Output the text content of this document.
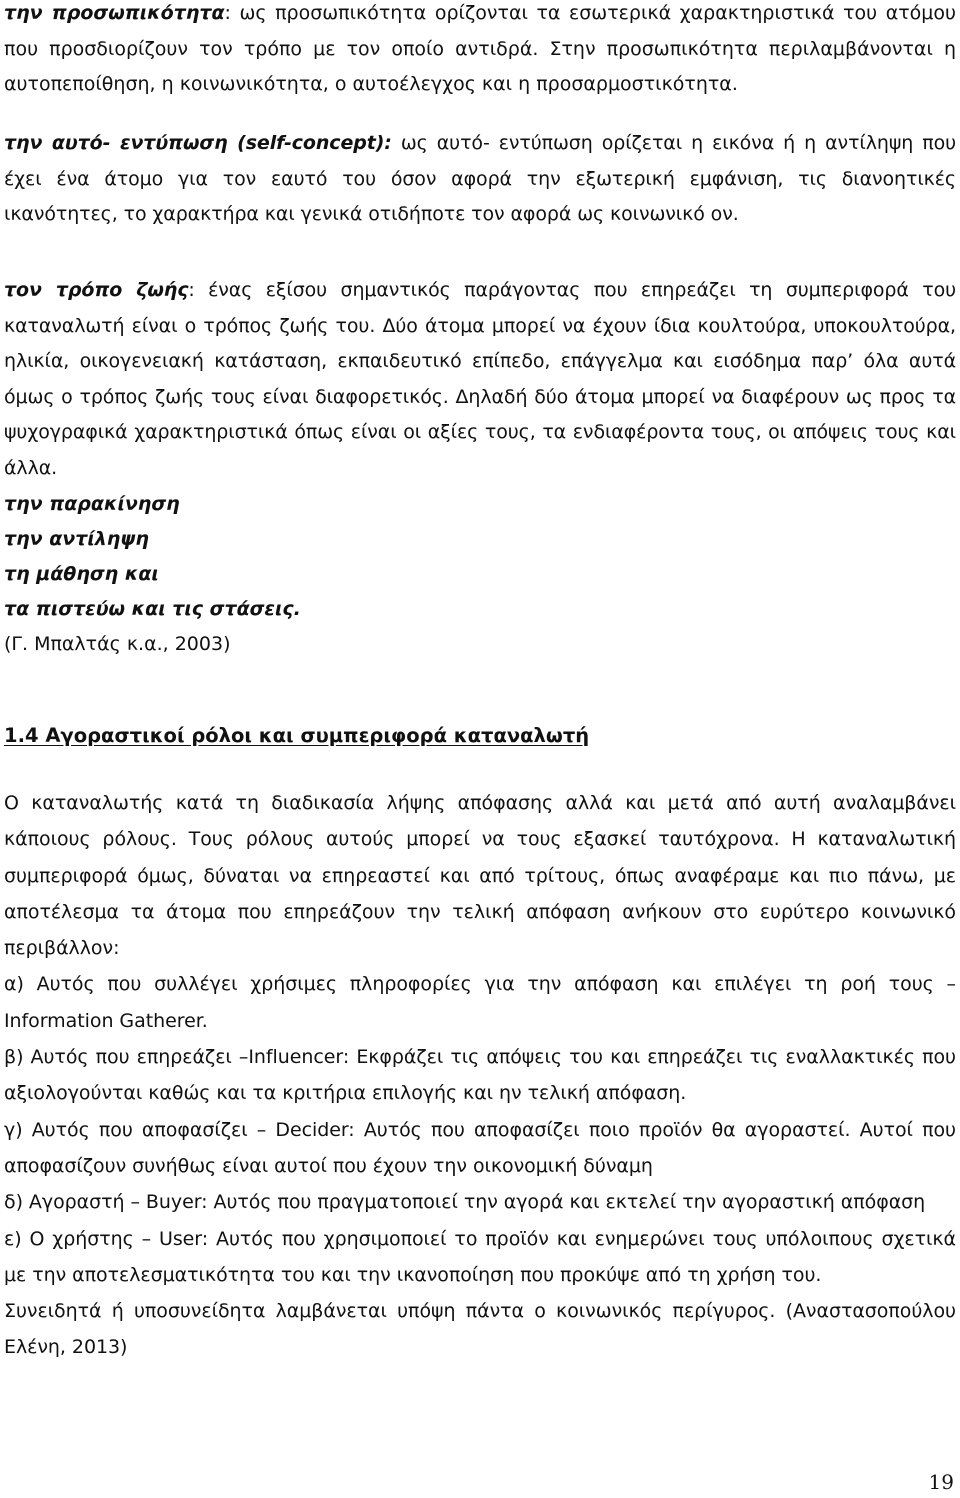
την προσωπικότητα: ως προσωπικότητα ορίζονται τα εσωτερικά χαρακτηριστικά του ατόμου που προσδιορίζουν τον τρόπο με τον οποίο αντιδρά. Στην προσωπικότητα περιλαμβάνονται η αυτοπεποίθηση, η κοινωνικότητα, ο αυτοέλεγχος και η προσαρμοστικότητα.

την αυτό- εντύπωση (self-concept): ως αυτό- εντύπωση ορίζεται η εικόνα ή η αντίληψη που έχει ένα άτομο για τον εαυτό του όσον αφορά την εξωτερική εμφάνιση, τις διανοητικές ικανότητες, το χαρακτήρα και γενικά οτιδήποτε τον αφορά ως κοινωνικό ον.

τον τρόπο ζωής: ένας εξίσου σημαντικός παράγοντας που επηρεάζει τη συμπεριφορά του καταναλωτή είναι ο τρόπος ζωής του. Δύο άτομα μπορεί να έχουν ίδια κουλτούρα, υποκουλτούρα, ηλικία, οικογενειακή κατάσταση, εκπαιδευτικό επίπεδο, επάγγελμα και εισόδημα παρ’ όλα αυτά όμως ο τρόπος ζωής τους είναι διαφορετικός. Δηλαδή δύο άτομα μπορεί να διαφέρουν ως προς τα ψυχογραφικά χαρακτηριστικά όπως είναι οι αξίες τους, τα ενδιαφέροντα τους, οι απόψεις τους και άλλα.

την παρακίνηση
την αντίληψη
τη μάθηση και
τα πιστεύω και τις στάσεις.
(Γ. Μπαλτάς κ.α., 2003)
1.4 Αγοραστικοί ρόλοι και συμπεριφορά καταναλωτή
Ο καταναλωτής κατά τη διαδικασία λήψης απόφασης αλλά και μετά από αυτή αναλαμβάνει κάποιους ρόλους. Τους ρόλους αυτούς μπορεί να τους εξασκεί ταυτόχρονα. Η καταναλωτική συμπεριφορά όμως, δύναται να επηρεαστεί και από τρίτους, όπως αναφέραμε και πιο πάνω, με αποτέλεσμα τα άτομα που επηρεάζουν την τελική απόφαση ανήκουν στο ευρύτερο κοινωνικό περιβάλλον:
α) Αυτός που συλλέγει χρήσιμες πληροφορίες για την απόφαση και επιλέγει τη ροή τους – Information Gatherer.
β) Αυτός που επηρεάζει –Influencer: Εκφράζει τις απόψεις του και επηρεάζει τις εναλλακτικές που αξιολογούνται καθώς και τα κριτήρια επιλογής και ην τελική απόφαση.
γ) Αυτός που αποφασίζει – Decider: Αυτός που αποφασίζει ποιο προϊόν θα αγοραστεί. Αυτοί που αποφασίζουν συνήθως είναι αυτοί που έχουν την οικονομική δύναμη
δ) Αγοραστή – Buyer: Αυτός που πραγματοποιεί την αγορά και εκτελεί την αγοραστική απόφαση
ε) Ο χρήστης – User: Αυτός που χρησιμοποιεί το προϊόν και ενημερώνει τους υπόλοιπους σχετικά με την αποτελεσματικότητα του και την ικανοποίηση που προκύψε από τη χρήση του.
Συνειδητά ή υποσυνείδητα λαμβάνεται υπόψη πάντα ο κοινωνικός περίγυρος. (Αναστασοπούλου Ελένη, 2013)
19
